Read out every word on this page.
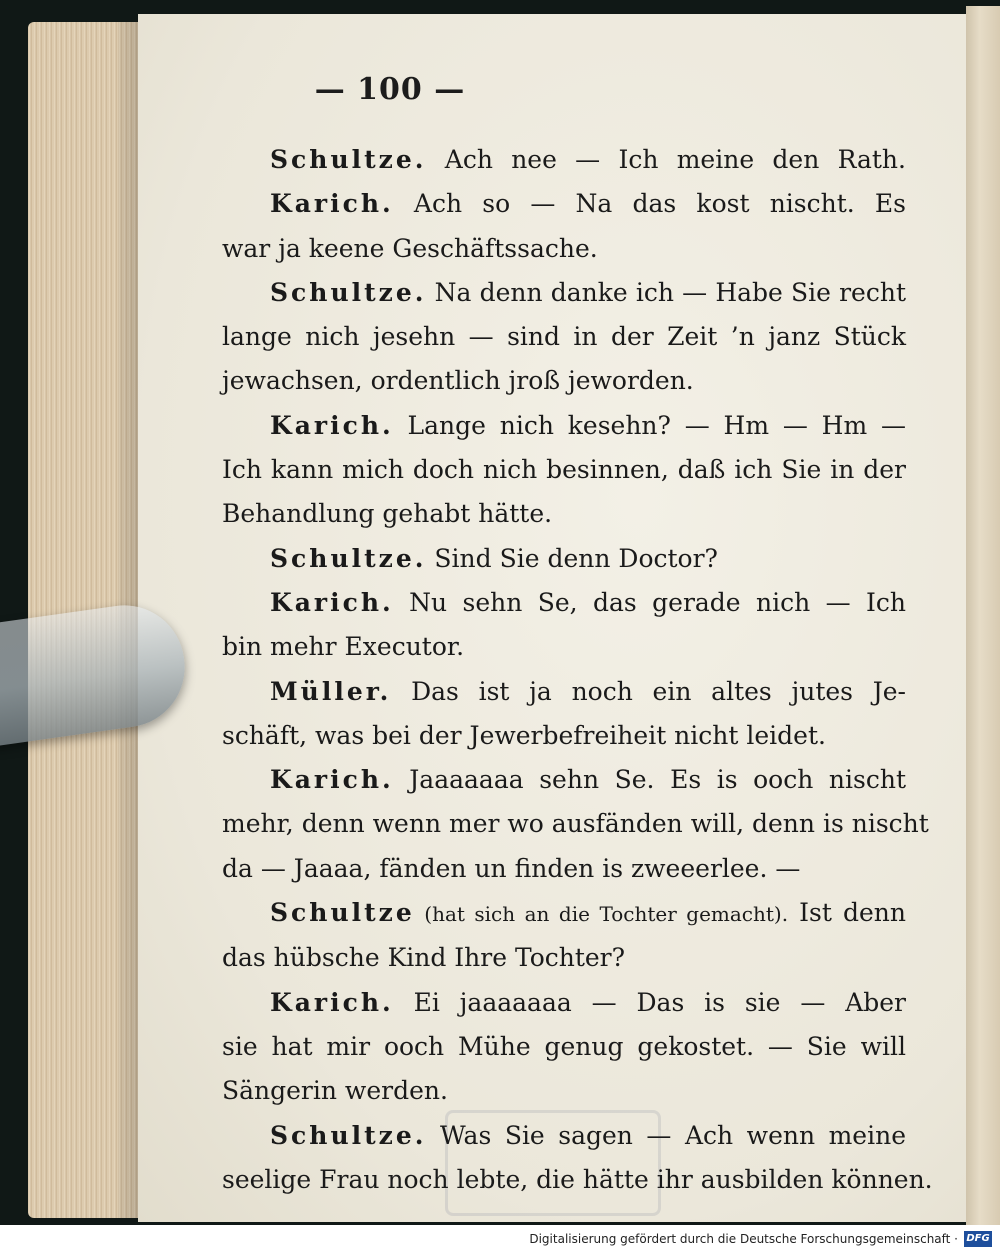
— 100 —
Schultze. Ach nee — Ich meine den Rath.
Karich. Ach so — Na das kost nischt. Es
war ja keene Geschäftssache.
Schultze. Na denn danke ich — Habe Sie recht
lange nich jesehn — sind in der Zeit ’n janz Stück
jewachsen, ordentlich jroß jeworden.
Karich. Lange nich kesehn? — Hm — Hm —
Ich kann mich doch nich besinnen, daß ich Sie in der
Behandlung gehabt hätte.
Schultze. Sind Sie denn Doctor?
Karich. Nu sehn Se, das gerade nich — Ich
bin mehr Executor.
Müller. Das ist ja noch ein altes jutes Je-
schäft, was bei der Jewerbefreiheit nicht leidet.
Karich. Jaaaaaaa sehn Se. Es is ooch nischt
mehr, denn wenn mer wo ausfänden will, denn is nischt
da — Jaaaa, fänden un finden is zweeerlee. —
Schultze (hat sich an die Tochter gemacht). Ist denn
das hübsche Kind Ihre Tochter?
Karich. Ei jaaaaaaa — Das is sie — Aber
sie hat mir ooch Mühe genug gekostet. — Sie will
Sängerin werden.
Schultze. Was Sie sagen — Ach wenn meine
seelige Frau noch lebte, die hätte ihr ausbilden können.
Digitalisierung gefördert durch die Deutsche Forschungsgemeinschaft · DFG
